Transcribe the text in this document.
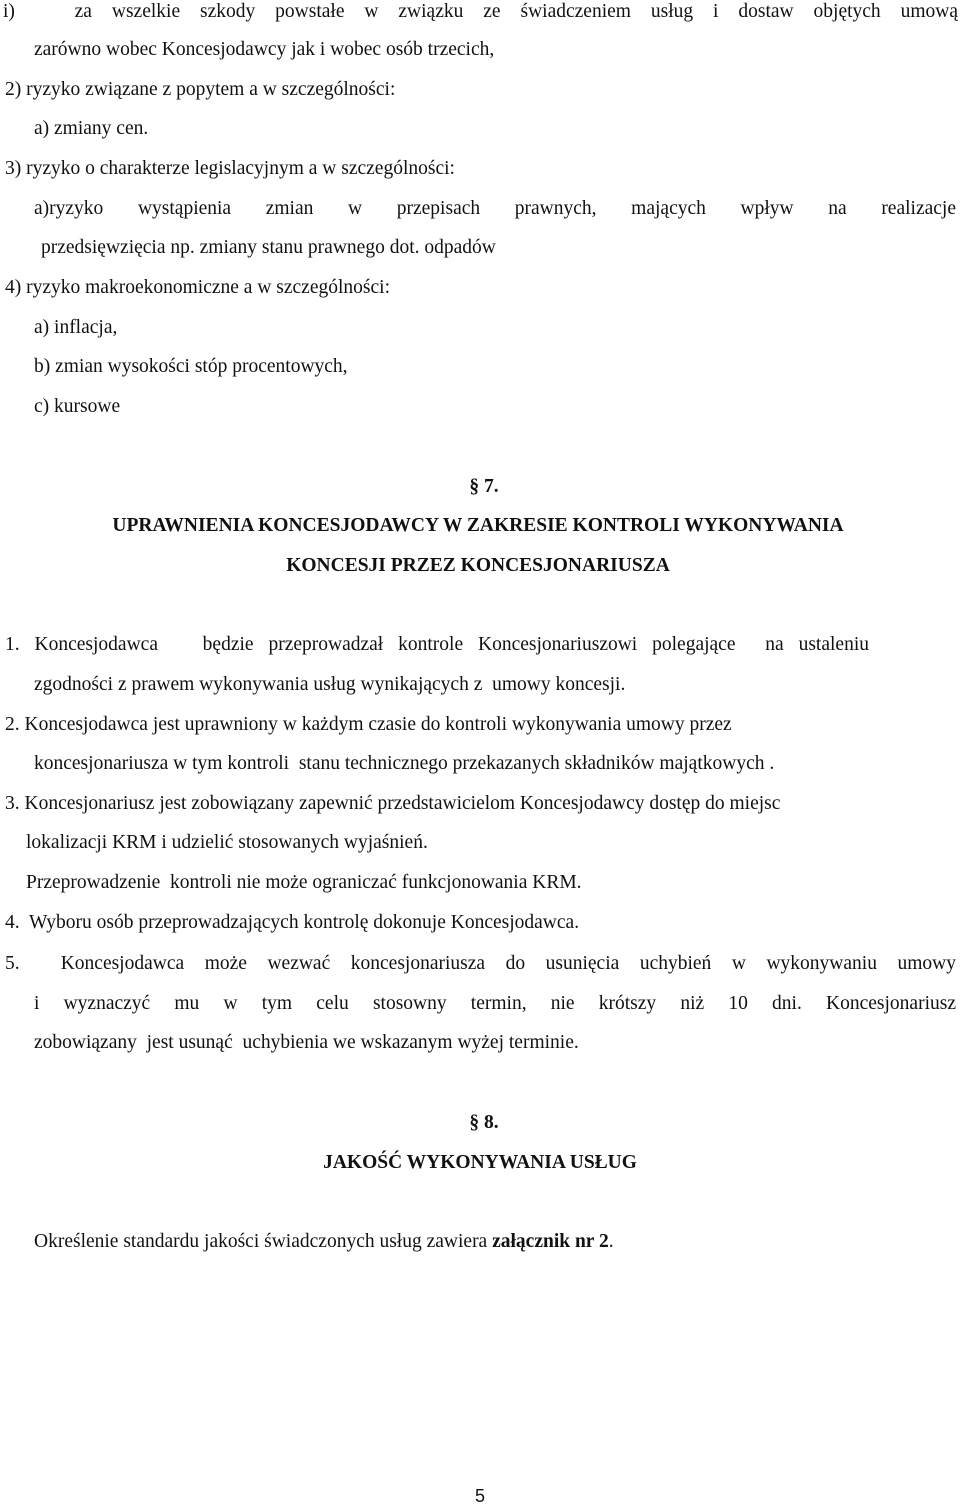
i)   za wszelkie szkody powstałe w związku ze świadczeniem usług i dostaw objętych umową
zarówno wobec Koncesjodawcy jak i wobec osób trzecich,
2) ryzyko związane z popytem a w szczególności:
a) zmiany cen.
3) ryzyko o charakterze legislacyjnym a w szczególności:
a)ryzyko wystąpienia zmian w przepisach prawnych, mających wpływ na realizacje
przedsięwzięcia np. zmiany stanu prawnego dot. odpadów
4) ryzyko makroekonomiczne a w szczególności:
a) inflacja,
b) zmian wysokości stóp procentowych,
c) kursowe
§ 7.
UPRAWNIENIA KONCESJODAWCY W ZAKRESIE KONTROLI WYKONYWANIA
KONCESJI PRZEZ KONCESJONARIUSZA
1. Koncesjodawca   będzie przeprowadzał kontrole Koncesjonariuszowi polegające  na ustaleniu
zgodności z prawem wykonywania usług wynikających z  umowy koncesji.
2. Koncesjodawca jest uprawniony w każdym czasie do kontroli wykonywania umowy przez
koncesjonariusza w tym kontroli  stanu technicznego przekazanych składników majątkowych .
3. Koncesjonariusz jest zobowiązany zapewnić przedstawicielom Koncesjodawcy dostęp do miejsc
lokalizacji KRM i udzielić stosowanych wyjaśnień.
Przeprowadzenie  kontroli nie może ograniczać funkcjonowania KRM.
4.  Wyboru osób przeprowadzających kontrolę dokonuje Koncesjodawca.
5.  Koncesjodawca może wezwać koncesjonariusza do usunięcia uchybień w wykonywaniu umowy
i wyznaczyć mu w tym celu stosowny termin, nie krótszy niż 10 dni. Koncesjonariusz
zobowiązany  jest usunąć  uchybienia we wskazanym wyżej terminie.
§ 8.
JAKOŚĆ WYKONYWANIA USŁUG
Określenie standardu jakości świadczonych usług zawiera załącznik nr 2.
5
